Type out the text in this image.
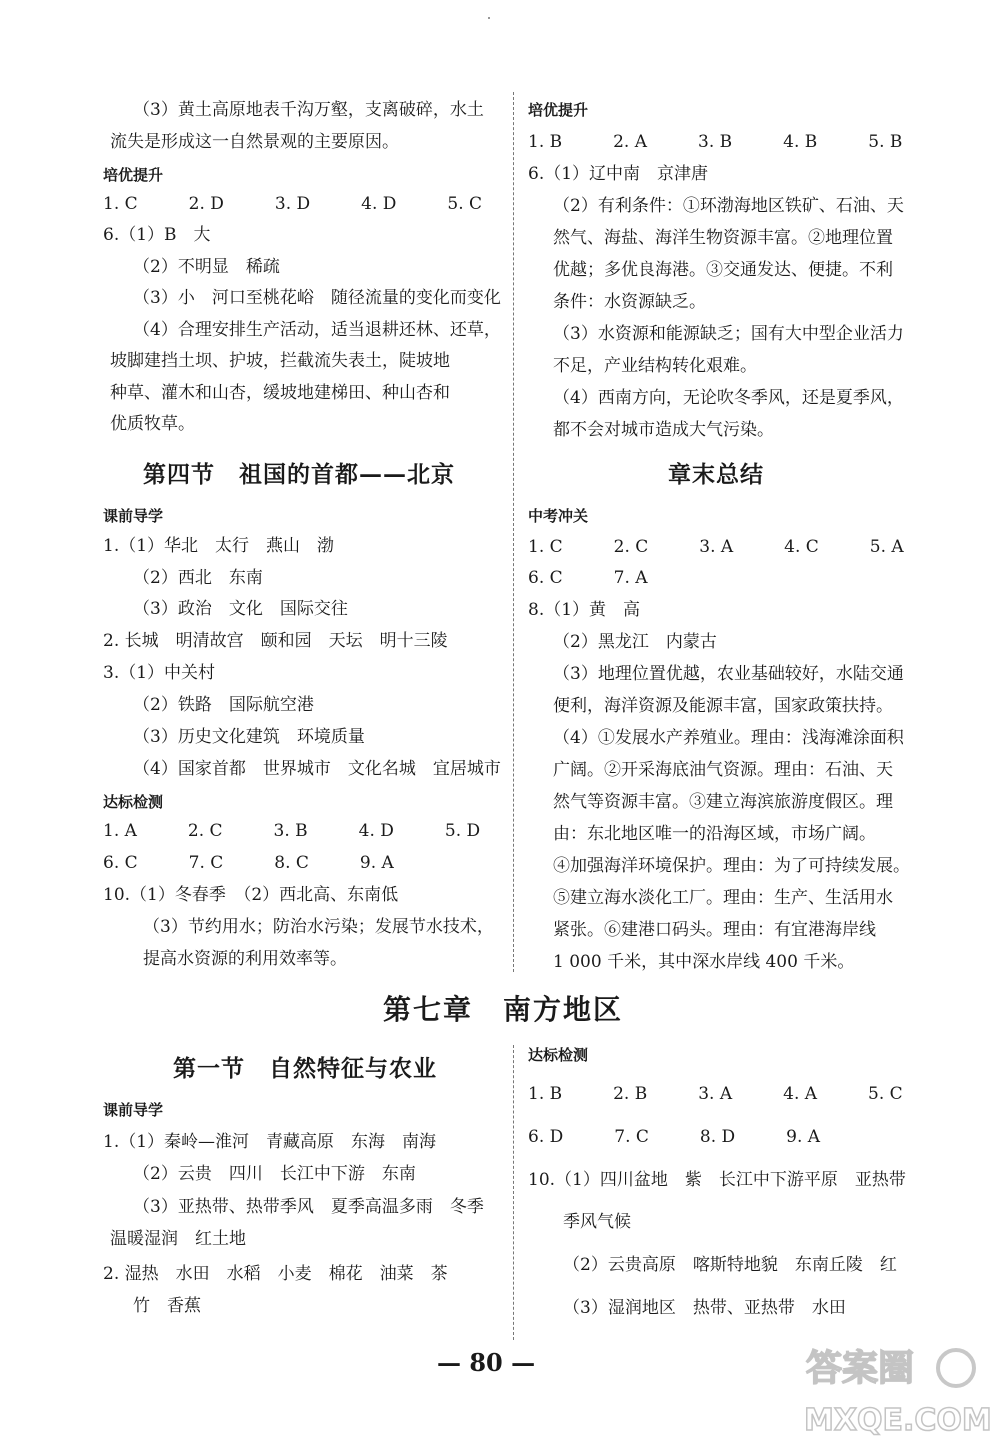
（3）黄土高原地表千沟万壑，支离破碎，水土
流失是形成这一自然景观的主要原因。
培优提升
1. C　　　2. D　　　3. D　　　4. D　　　5. C
6.（1）B　大
（2）不明显　稀疏
（3）小　河口至桃花峪　随径流量的变化而变化
（4）合理安排生产活动，适当退耕还林、还草，
坡脚建挡土坝、护坡，拦截流失表土，陡坡地
种草、灌木和山杏，缓坡地建梯田、种山杏和
优质牧草。
培优提升
1. B　　　2. A　　　3. B　　　4. B　　　5. B
6.（1）辽中南　京津唐
（2）有利条件：①环渤海地区铁矿、石油、天
然气、海盐、海洋生物资源丰富。②地理位置
优越；多优良海港。③交通发达、便捷。不利
条件：水资源缺乏。
（3）水资源和能源缺乏；国有大中型企业活力
不足，产业结构转化艰难。
（4）西南方向，无论吹冬季风，还是夏季风，
都不会对城市造成大气污染。
第四节　祖国的首都——北京
课前导学
1.（1）华北　太行　燕山　渤
（2）西北　东南
（3）政治　文化　国际交往
2. 长城　明清故宫　颐和园　天坛　明十三陵
3.（1）中关村
（2）铁路　国际航空港
（3）历史文化建筑　环境质量
（4）国家首都　世界城市　文化名城　宜居城市
达标检测
1. A　　　2. C　　　3. B　　　4. D　　　5. D
6. C　　　7. C　　　8. C　　　9. A
10.（1）冬春季　（2）西北高、东南低
（3）节约用水；防治水污染；发展节水技术，
提高水资源的利用效率等。
章末总结
中考冲关
1. C　　　2. C　　　3. A　　　4. C　　　5. A
6. C　　　7. A
8.（1）黄　高
（2）黑龙江　内蒙古
（3）地理位置优越，农业基础较好，水陆交通
便利，海洋资源及能源丰富，国家政策扶持。
（4）①发展水产养殖业。理由：浅海滩涂面积
广阔。②开采海底油气资源。理由：石油、天
然气等资源丰富。③建立海滨旅游度假区。理
由：东北地区唯一的沿海区域，市场广阔。
④加强海洋环境保护。理由：为了可持续发展。
⑤建立海水淡化工厂。理由：生产、生活用水
紧张。⑥建港口码头。理由：有宜港海岸线
1 000 千米，其中深水岸线 400 千米。
第七章　南方地区
第一节　自然特征与农业
课前导学
1.（1）秦岭—淮河　青藏高原　东海　南海
（2）云贵　四川　长江中下游　东南
（3）亚热带、热带季风　夏季高温多雨　冬季
温暖湿润　红土地
2. 湿热　水田　水稻　小麦　棉花　油菜　茶
竹　香蕉
达标检测
1. B　　　2. B　　　3. A　　　4. A　　　5. C
6. D　　　7. C　　　8. D　　　9. A
10.（1）四川盆地　紫　长江中下游平原　亚热带
季风气候
（2）云贵高原　喀斯特地貌　东南丘陵　红
（3）湿润地区　热带、亚热带　水田
— 80 —	答案圈
MXQE.COM
